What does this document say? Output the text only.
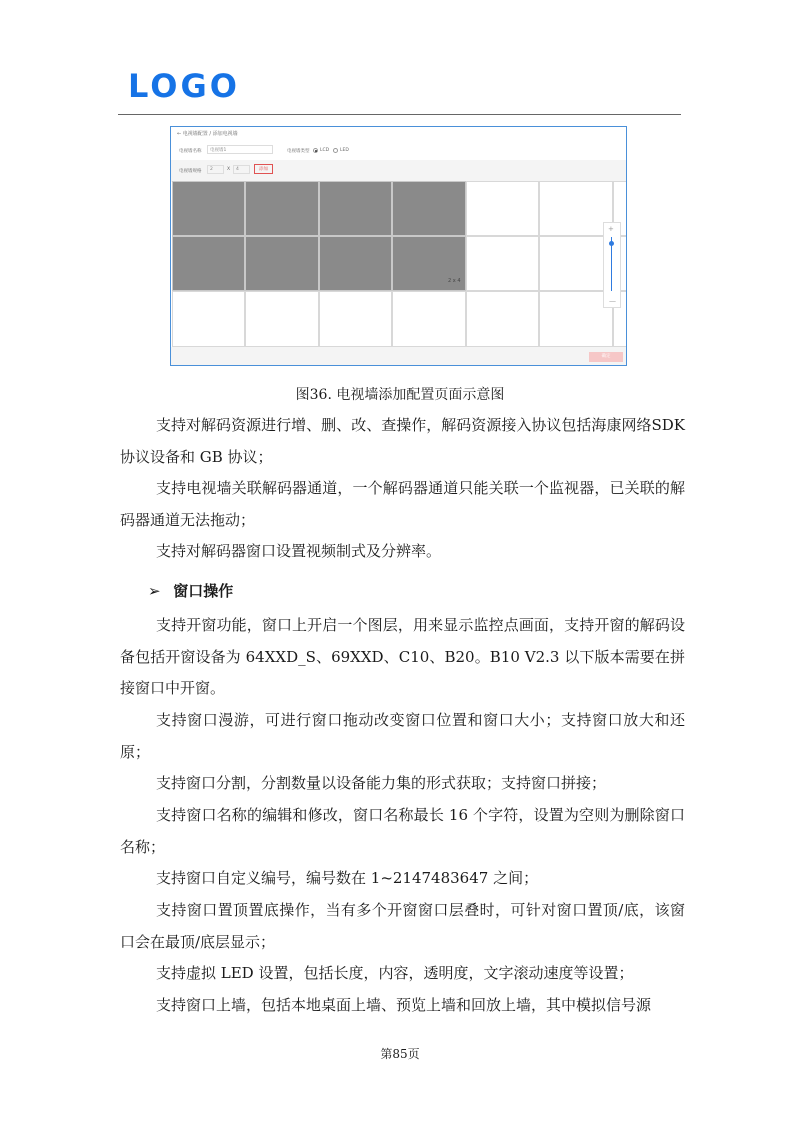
LOGO
← 电视墙配置 / 添加电视墙
电视墙名称	电视墙1	电视墙类型 LCD LED
电视墙规格	2	X	4	添加
2 x 4
+
—
确定
图36. 电视墙添加配置页面示意图

支持对解码资源进行增、删、改、查操作，解码资源接入协议包括海康网络SDK 协议设备和 GB 协议；

支持电视墙关联解码器通道，一个解码器通道只能关联一个监视器，已关联的解码器通道无法拖动；

支持对解码器窗口设置视频制式及分辨率。

➢ 窗口操作

支持开窗功能，窗口上开启一个图层，用来显示监控点画面，支持开窗的解码设备包括开窗设备为 64XXD_S、69XXD、C10、B20。B10 V2.3 以下版本需要在拼接窗口中开窗。

支持窗口漫游，可进行窗口拖动改变窗口位置和窗口大小；支持窗口放大和还原；

支持窗口分割，分割数量以设备能力集的形式获取；支持窗口拼接；

支持窗口名称的编辑和修改，窗口名称最长 16 个字符，设置为空则为删除窗口名称；

支持窗口自定义编号，编号数在 1~2147483647 之间；

支持窗口置顶置底操作，当有多个开窗窗口层叠时，可针对窗口置顶/底，该窗口会在最顶/底层显示；

支持虚拟 LED 设置，包括长度，内容，透明度，文字滚动速度等设置；

支持窗口上墙，包括本地桌面上墙、预览上墙和回放上墙，其中模拟信号源

第85页
